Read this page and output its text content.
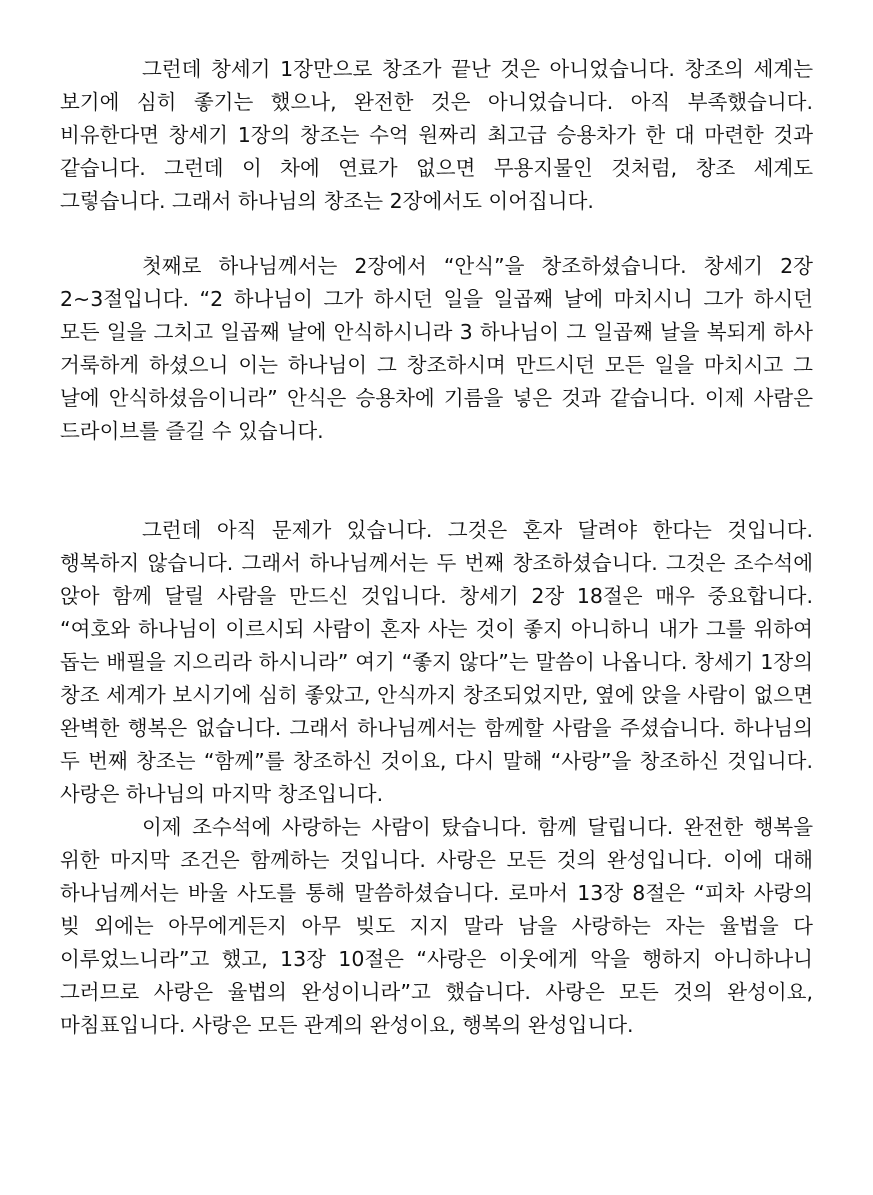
그런데 창세기 1장만으로 창조가 끝난 것은 아니었습니다. 창조의 세계는 보기에 심히 좋기는 했으나, 완전한 것은 아니었습니다. 아직 부족했습니다. 비유한다면 창세기 1장의 창조는 수억 원짜리 최고급 승용차가 한 대 마련한 것과 같습니다. 그런데 이 차에 연료가 없으면 무용지물인 것처럼, 창조 세계도 그렇습니다. 그래서 하나님의 창조는 2장에서도 이어집니다.

첫째로 하나님께서는 2장에서 “안식”을 창조하셨습니다. 창세기 2장 2~3절입니다. “2 하나님이 그가 하시던 일을 일곱째 날에 마치시니 그가 하시던 모든 일을 그치고 일곱째 날에 안식하시니라 3 하나님이 그 일곱째 날을 복되게 하사 거룩하게 하셨으니 이는 하나님이 그 창조하시며 만드시던 모든 일을 마치시고 그 날에 안식하셨음이니라” 안식은 승용차에 기름을 넣은 것과 같습니다. 이제 사람은 드라이브를 즐길 수 있습니다.

그런데 아직 문제가 있습니다. 그것은 혼자 달려야 한다는 것입니다. 행복하지 않습니다. 그래서 하나님께서는 두 번째 창조하셨습니다. 그것은 조수석에 앉아 함께 달릴 사람을 만드신 것입니다. 창세기 2장 18절은 매우 중요합니다. “여호와 하나님이 이르시되 사람이 혼자 사는 것이 좋지 아니하니 내가 그를 위하여 돕는 배필을 지으리라 하시니라” 여기 “좋지 않다”는 말씀이 나옵니다. 창세기 1장의 창조 세계가 보시기에 심히 좋았고, 안식까지 창조되었지만, 옆에 앉을 사람이 없으면 완벽한 행복은 없습니다. 그래서 하나님께서는 함께할 사람을 주셨습니다. 하나님의 두 번째 창조는 “함께”를 창조하신 것이요, 다시 말해 “사랑”을 창조하신 것입니다. 사랑은 하나님의 마지막 창조입니다.

이제 조수석에 사랑하는 사람이 탔습니다. 함께 달립니다. 완전한 행복을 위한 마지막 조건은 함께하는 것입니다. 사랑은 모든 것의 완성입니다. 이에 대해 하나님께서는 바울 사도를 통해 말씀하셨습니다. 로마서 13장 8절은 “피차 사랑의 빚 외에는 아무에게든지 아무 빚도 지지 말라 남을 사랑하는 자는 율법을 다 이루었느니라”고 했고, 13장 10절은 “사랑은 이웃에게 악을 행하지 아니하나니 그러므로 사랑은 율법의 완성이니라”고 했습니다. 사랑은 모든 것의 완성이요, 마침표입니다. 사랑은 모든 관계의 완성이요, 행복의 완성입니다.
